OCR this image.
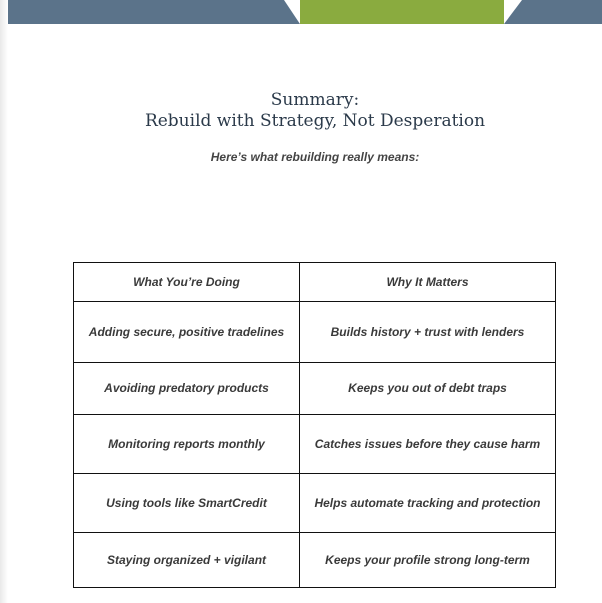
Summary:
Rebuild with Strategy, Not Desperation
Here’s what rebuilding really means:
What You’re Doing	Why It Matters

Adding secure, positive tradelines	Builds history + trust with lenders

Avoiding predatory products	Keeps you out of debt traps

Monitoring reports monthly	Catches issues before they cause harm

Using tools like SmartCredit	Helps automate tracking and protection

Staying organized + vigilant	Keeps your profile strong long-term
